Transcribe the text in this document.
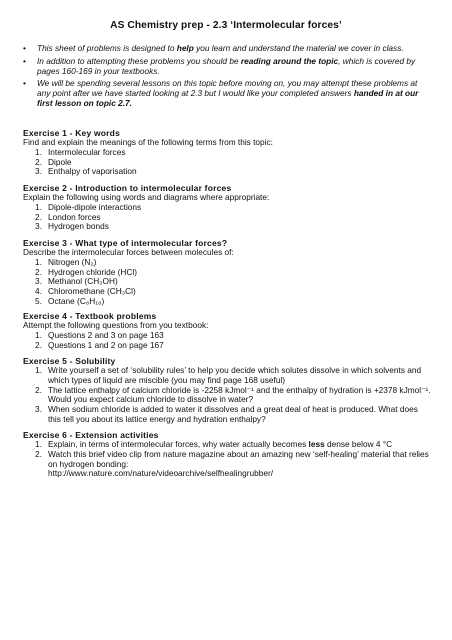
AS Chemistry prep - 2.3 ‘Intermolecular forces’
• This sheet of problems is designed to help you learn and understand the material we cover in class.
• In addition to attempting these problems you should be reading around the topic, which is covered by pages 160-169 in your textbooks.
• We will be spending several lessons on this topic before moving on, you may attempt these problems at any point after we have started looking at 2.3 but I would like your completed answers handed in at our first lesson on topic 2.7.
Exercise 1 - Key words

Find and explain the meanings of the following terms from this topic:

1. Intermolecular forces
2. Dipole
3. Enthalpy of vaporisation
Exercise 2 - Introduction to intermolecular forces

Explain the following using words and diagrams where appropriate:

1. Dipole-dipole interactions
2. London forces
3. Hydrogen bonds
Exercise 3 - What type of intermolecular forces?

Describe the intermolecular forces between molecules of:

1. Nitrogen (N₂)
2. Hydrogen chloride (HCl)
3. Methanol (CH₃OH)
4. Chloromethane (CH₃Cl)
5. Octane (C₈H₁₈)
Exercise 4 - Textbook problems

Attempt the following questions from you textbook:

1. Questions 2 and 3 on page 163
2. Questions 1 and 2 on page 167
Exercise 5 - Solubility
1. Write yourself a set of ‘solubility rules’ to help you decide which solutes dissolve in which solvents and which types of liquid are miscible (you may find page 168 useful)
2. The lattice enthalpy of calcium chloride is -2258 kJmol⁻¹ and the enthalpy of hydration is +2378 kJmol⁻¹. Would you expect calcium chloride to dissolve in water?
3. When sodium chloride is added to water it dissolves and a great deal of heat is produced. What does this tell you about its lattice energy and hydration enthalpy?
Exercise 6 - Extension activities
1. Explain, in terms of intermolecular forces, why water actually becomes less dense below 4 °C
2. Watch this brief video clip from nature magazine about an amazing new ‘self-healing’ material that relies on hydrogen bonding:
http://www.nature.com/nature/videoarchive/selfhealingrubber/
